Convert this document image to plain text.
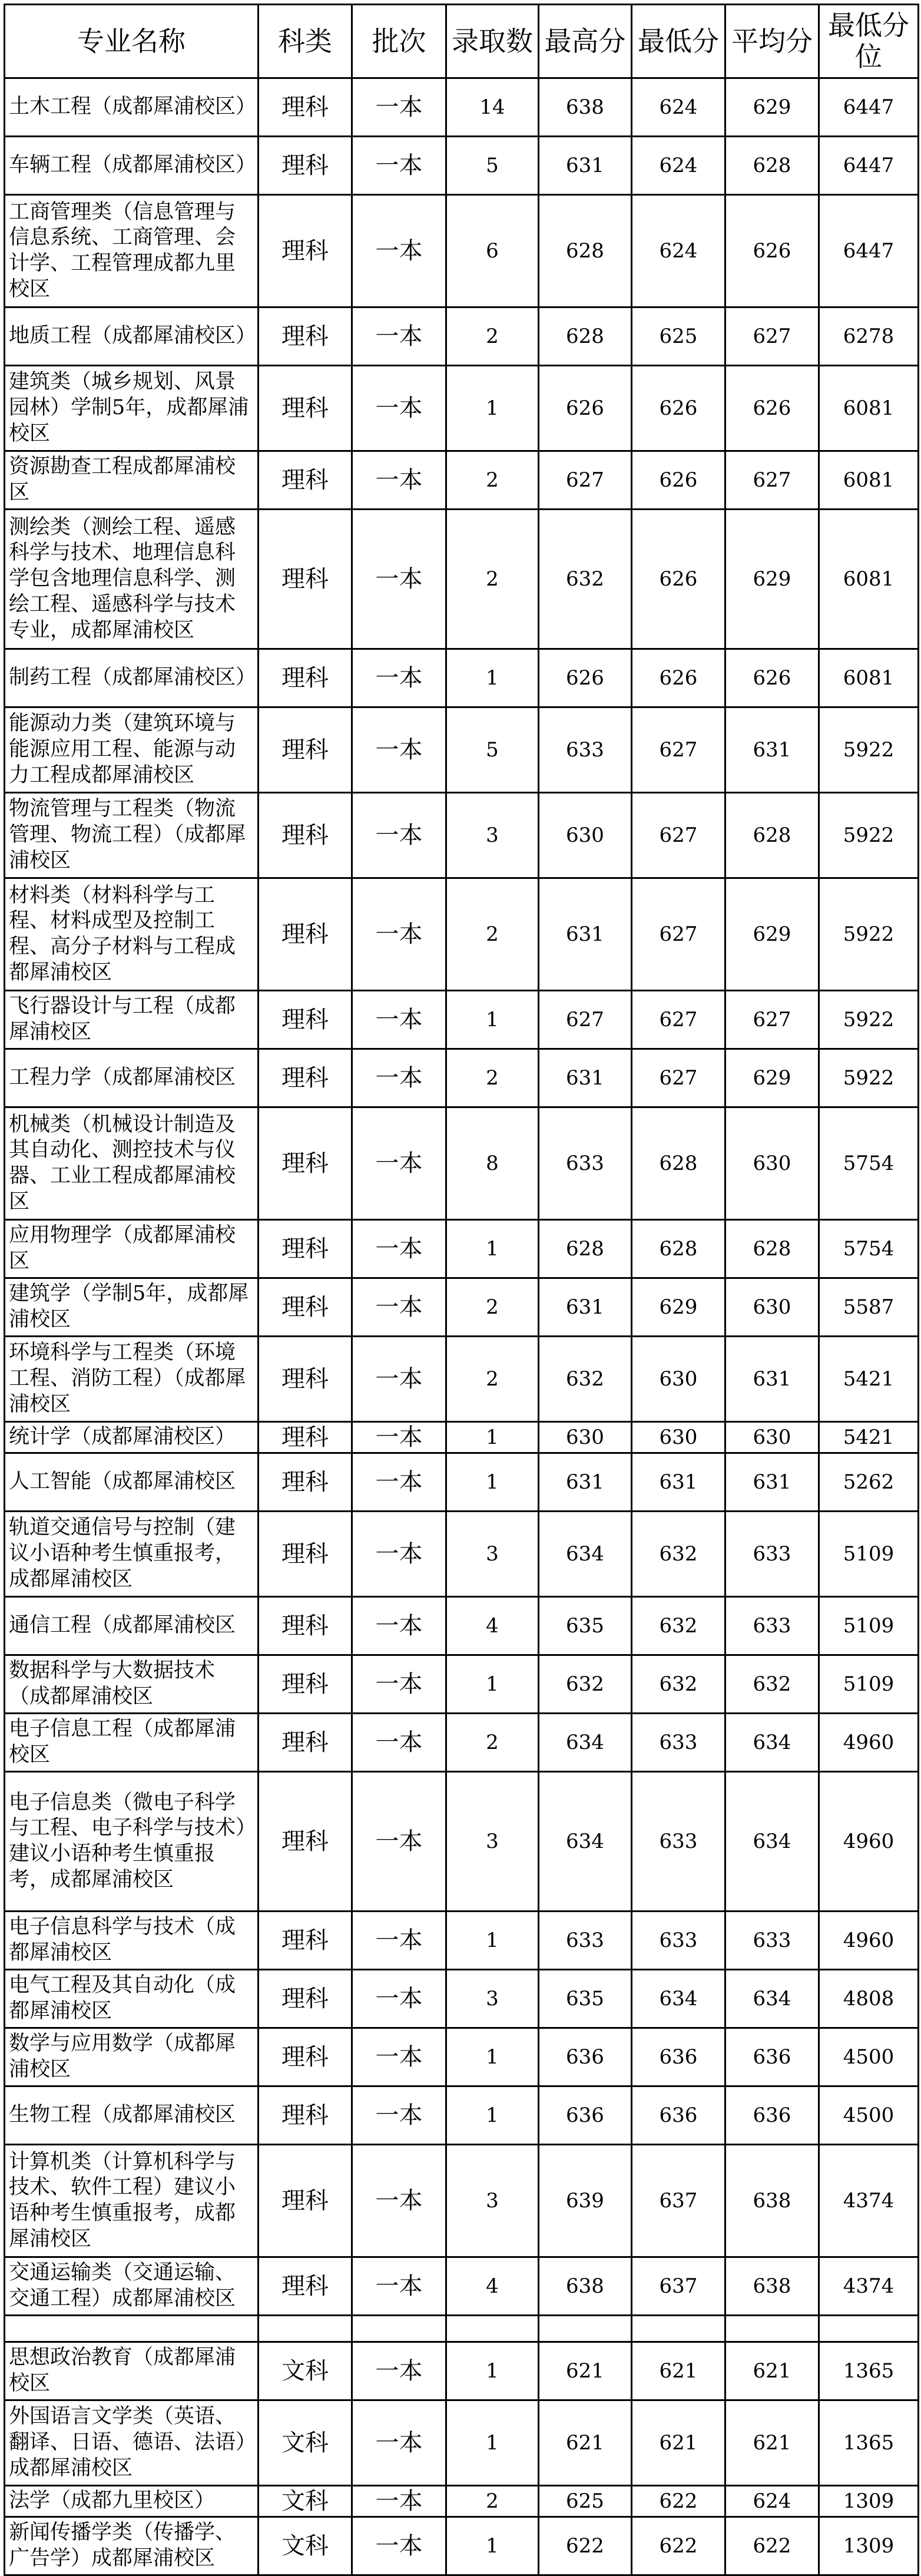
专业名称	科类	批次	录取数	最高分	最低分	平均分	最低分位
土木工程（成都犀浦校区）	理科	一本	14	638	624	629	6447
车辆工程（成都犀浦校区）	理科	一本	5	631	624	628	6447
工商管理类（信息管理与信息系统、工商管理、会计学、工程管理成都九里校区	理科	一本	6	628	624	626	6447
地质工程（成都犀浦校区）	理科	一本	2	628	625	627	6278
建筑类（城乡规划、风景园林）学制5年，成都犀浦校区	理科	一本	1	626	626	626	6081
资源勘查工程成都犀浦校区	理科	一本	2	627	626	627	6081
测绘类（测绘工程、遥感科学与技术、地理信息科学包含地理信息科学、测绘工程、遥感科学与技术专业，成都犀浦校区	理科	一本	2	632	626	629	6081
制药工程（成都犀浦校区）	理科	一本	1	626	626	626	6081
能源动力类（建筑环境与能源应用工程、能源与动力工程成都犀浦校区	理科	一本	5	633	627	631	5922
物流管理与工程类（物流管理、物流工程）（成都犀浦校区	理科	一本	3	630	627	628	5922
材料类（材料科学与工程、材料成型及控制工程、高分子材料与工程成都犀浦校区	理科	一本	2	631	627	629	5922
飞行器设计与工程（成都犀浦校区	理科	一本	1	627	627	627	5922
工程力学（成都犀浦校区	理科	一本	2	631	627	629	5922
机械类（机械设计制造及其自动化、测控技术与仪器、工业工程成都犀浦校区	理科	一本	8	633	628	630	5754
应用物理学（成都犀浦校区	理科	一本	1	628	628	628	5754
建筑学（学制5年，成都犀浦校区	理科	一本	2	631	629	630	5587
环境科学与工程类（环境工程、消防工程）（成都犀浦校区	理科	一本	2	632	630	631	5421
统计学（成都犀浦校区）	理科	一本	1	630	630	630	5421
人工智能（成都犀浦校区	理科	一本	1	631	631	631	5262
轨道交通信号与控制（建议小语种考生慎重报考，成都犀浦校区	理科	一本	3	634	632	633	5109
通信工程（成都犀浦校区	理科	一本	4	635	632	633	5109
数据科学与大数据技术（成都犀浦校区	理科	一本	1	632	632	632	5109
电子信息工程（成都犀浦校区	理科	一本	2	634	633	634	4960
电子信息类（微电子科学与工程、电子科学与技术）建议小语种考生慎重报考，成都犀浦校区	理科	一本	3	634	633	634	4960
电子信息科学与技术（成都犀浦校区	理科	一本	1	633	633	633	4960
电气工程及其自动化（成都犀浦校区	理科	一本	3	635	634	634	4808
数学与应用数学（成都犀浦校区	理科	一本	1	636	636	636	4500
生物工程（成都犀浦校区	理科	一本	1	636	636	636	4500
计算机类（计算机科学与技术、软件工程）建议小语种考生慎重报考，成都犀浦校区	理科	一本	3	639	637	638	4374
交通运输类（交通运输、交通工程）成都犀浦校区	理科	一本	4	638	637	638	4374

思想政治教育（成都犀浦校区	文科	一本	1	621	621	621	1365
外国语言文学类（英语、翻译、日语、德语、法语）成都犀浦校区	文科	一本	1	621	621	621	1365
法学（成都九里校区）	文科	一本	2	625	622	624	1309
新闻传播学类（传播学、广告学）成都犀浦校区	文科	一本	1	622	622	622	1309
